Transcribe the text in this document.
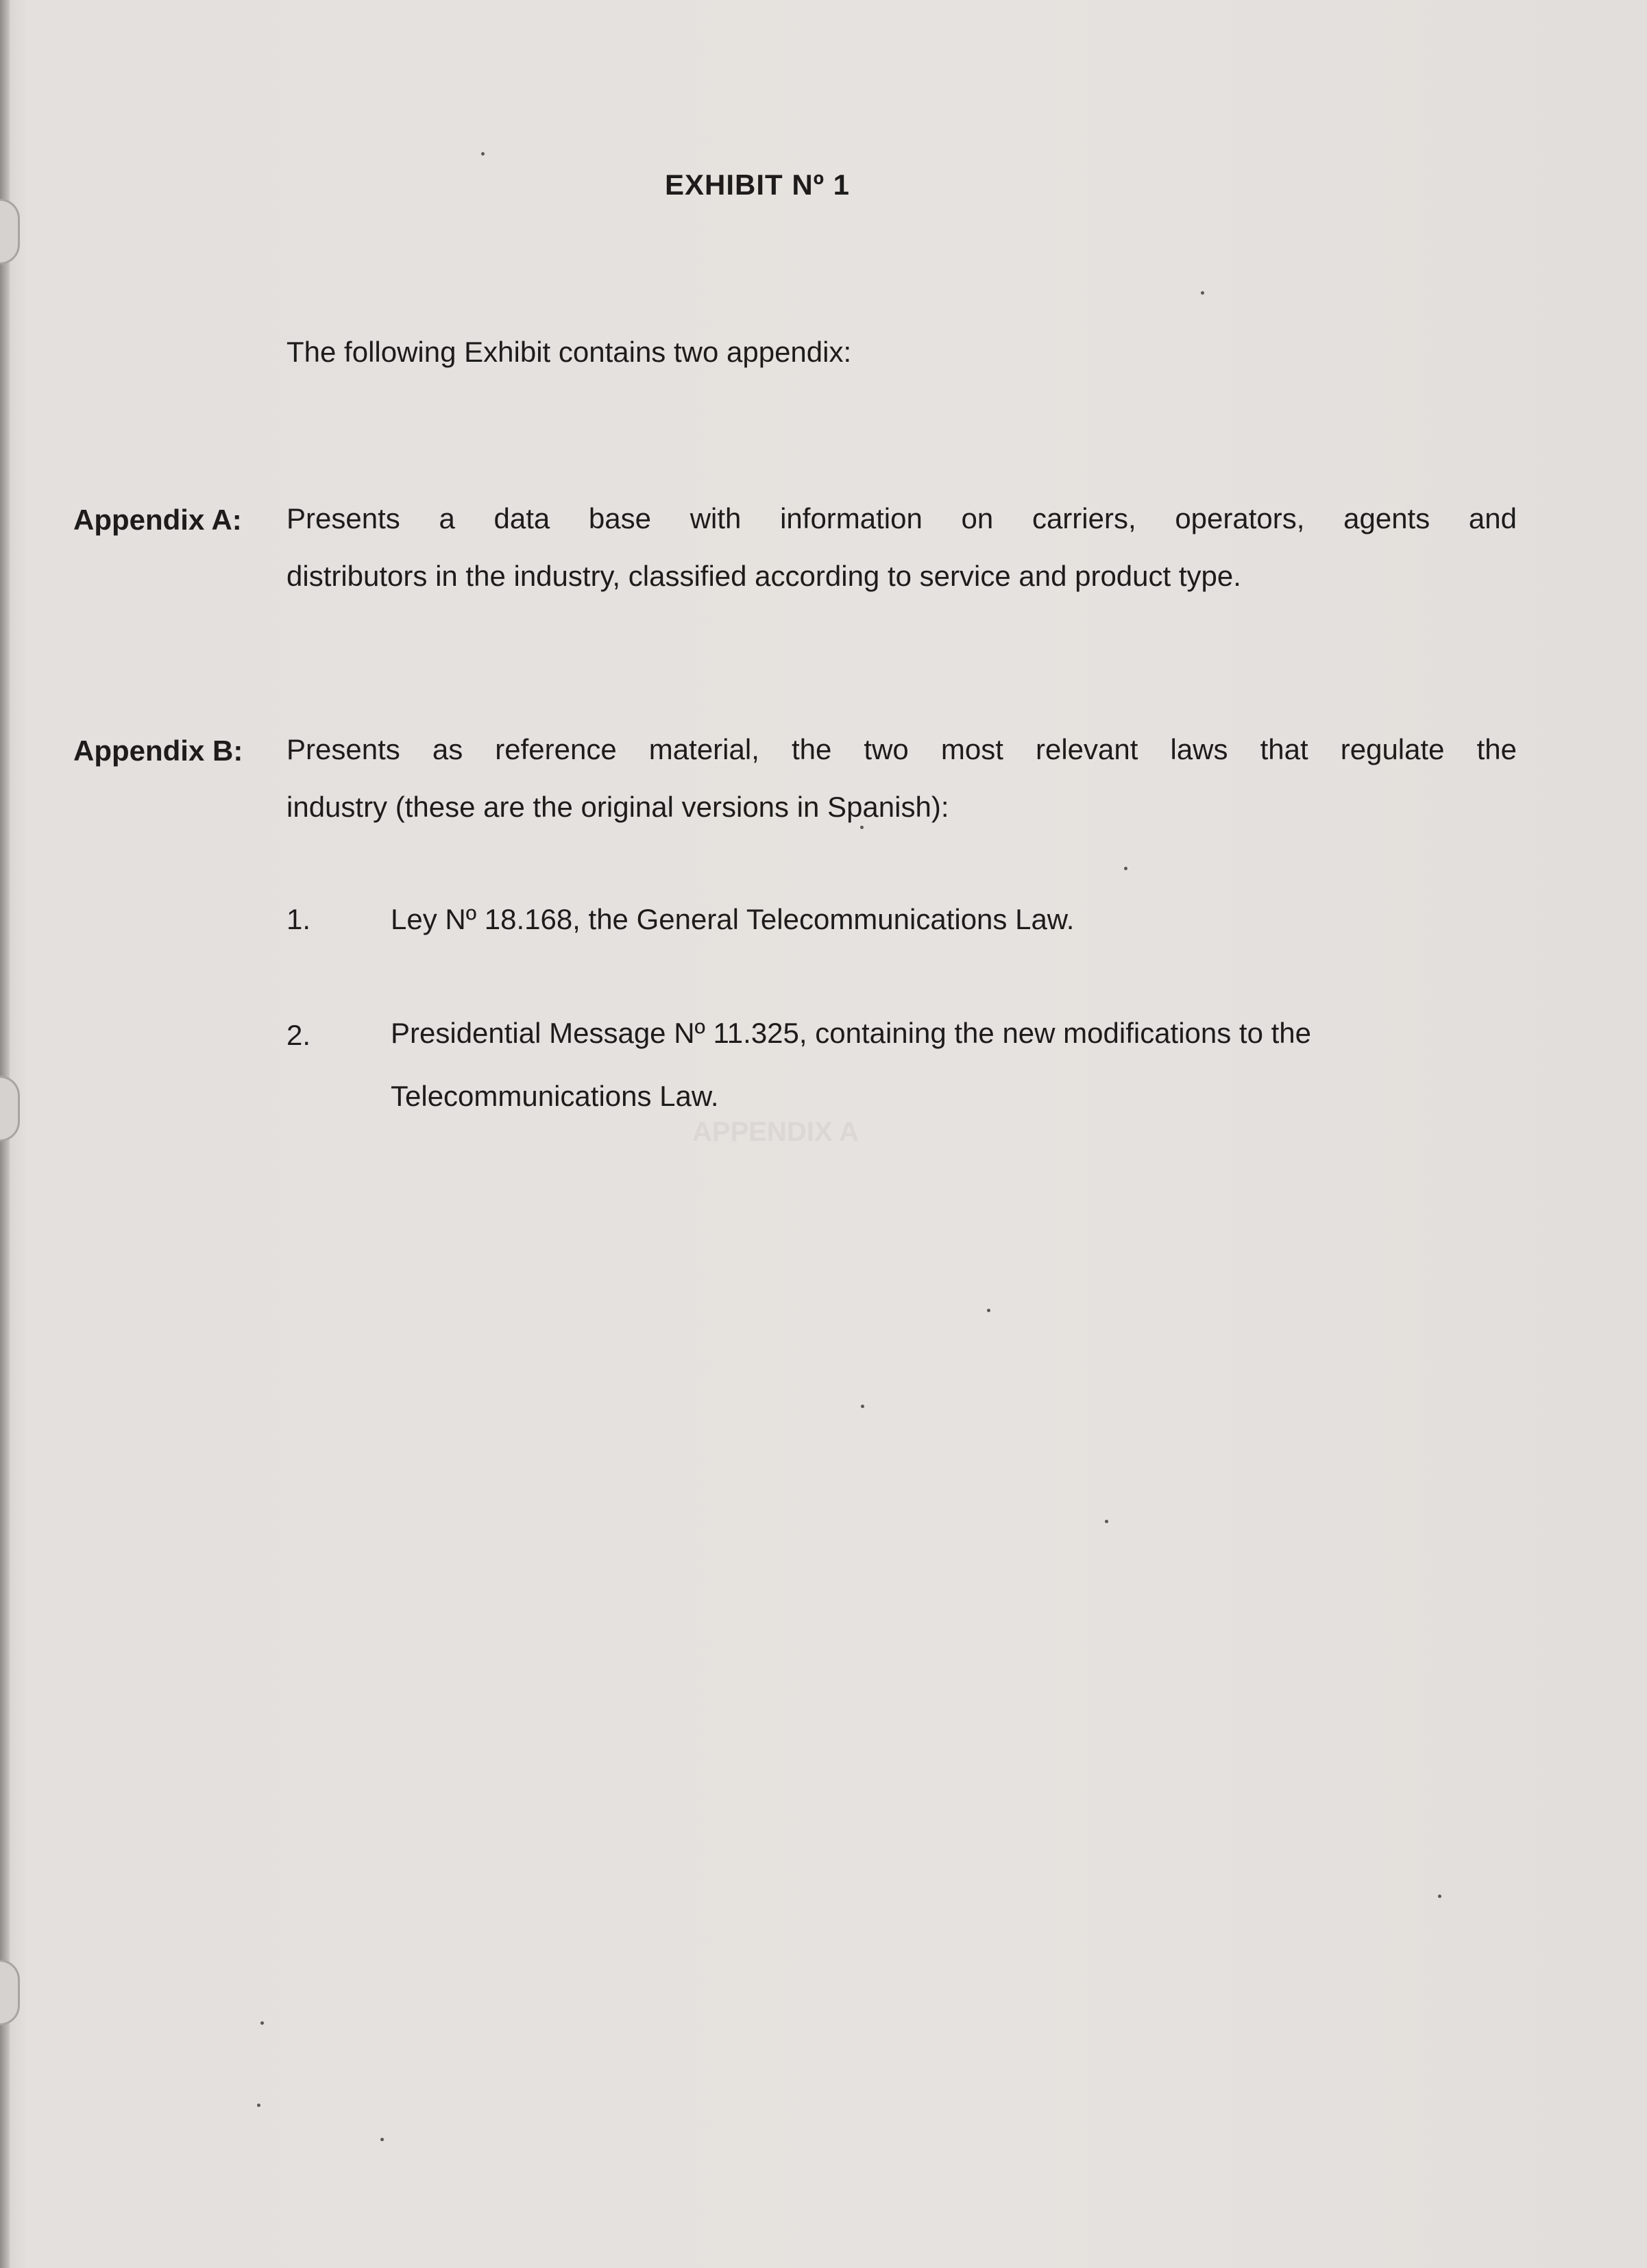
EXHIBIT Nº 1
The following Exhibit contains two appendix:
Appendix A: Presents a data base with information on carriers, operators, agents and
distributors in the industry, classified according to service and product type.
Appendix B: Presents as reference material, the two most relevant laws that regulate the
industry (these are the original versions in Spanish):
1.	Ley Nº 18.168, the General Telecommunications Law.
2.	Presidential Message Nº 11.325, containing the new modifications to the
Telecommunications Law.
APPENDIX A
